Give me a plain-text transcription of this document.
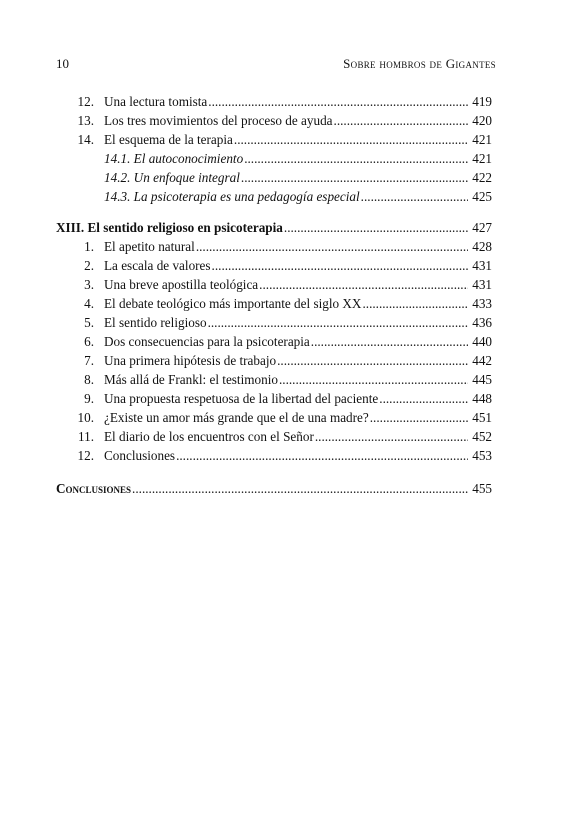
10	Sobre hombros de Gigantes
12. Una lectura tomista .....	419
13. Los tres movimientos del proceso de ayuda .....	420
14. El esquema de la terapia .....	421
14.1. El autoconocimiento .....	421
14.2. Un enfoque integral .....	422
14.3. La psicoterapia es una pedagogía especial .....	425
XIII. El sentido religioso en psicoterapia .....	427
1. El apetito natural .....	428
2. La escala de valores .....	431
3. Una breve apostilla teológica .....	431
4. El debate teológico más importante del siglo XX .....	433
5. El sentido religioso .....	436
6. Dos consecuencias para la psicoterapia .....	440
7. Una primera hipótesis de trabajo .....	442
8. Más allá de Frankl: el testimonio .....	445
9. Una propuesta respetuosa de la libertad del paciente .....	448
10. ¿Existe un amor más grande que el de una madre? .....	451
11. El diario de los encuentros con el Señor .....	452
12. Conclusiones .....	453
Conclusiones .....	455
